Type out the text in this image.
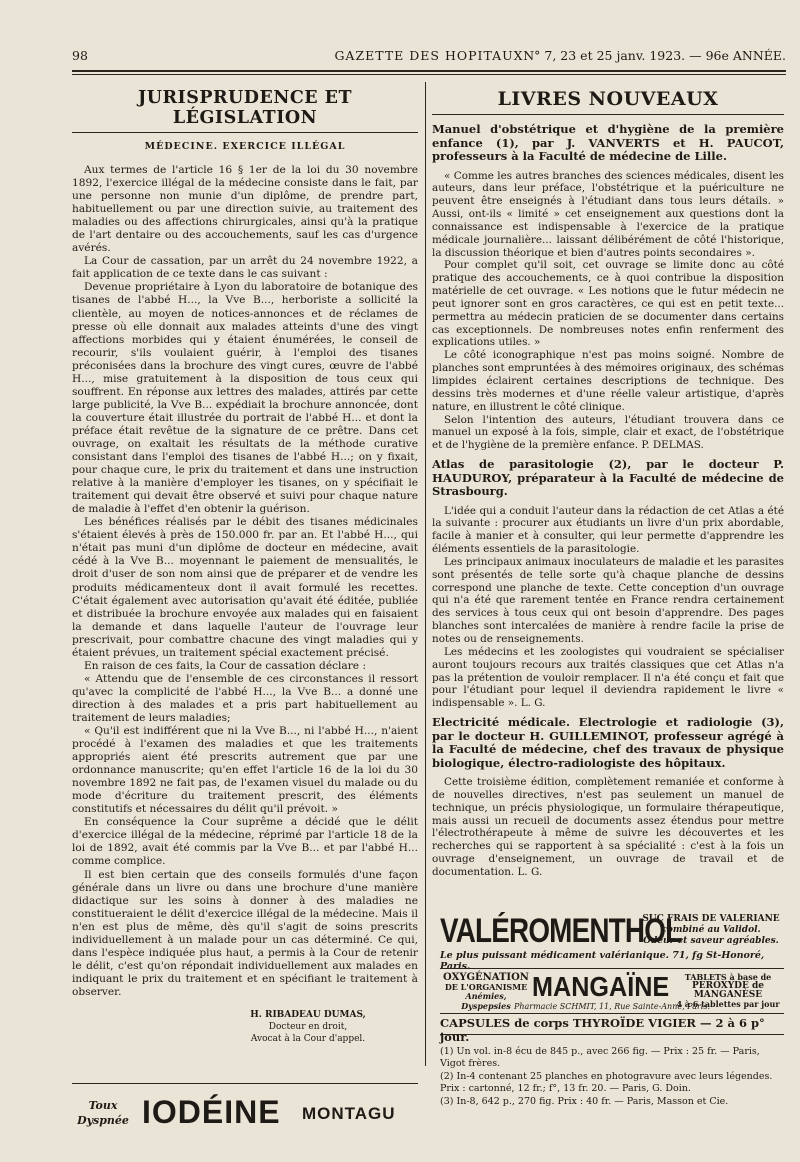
98	GAZETTE DES HOPITAUX N° 7, 23 et 25 janv. 1923. — 96e ANNÉE.
JURISPRUDENCE ET LÉGISLATION
MÉDECINE. EXERCICE ILLÉGAL

Aux termes de l'article 16 § 1er de la loi du 30 novembre 1892, l'exercice illégal de la médecine consiste dans le fait, par une personne non munie d'un diplôme, de prendre part, habituellement ou par une direction suivie, au traitement des maladies ou des affections chirurgicales, ainsi qu'à la pratique de l'art dentaire ou des accouchements, sauf les cas d'urgence avérés.

La Cour de cassation, par un arrêt du 24 novembre 1922, a fait application de ce texte dans le cas suivant :

Devenue propriétaire à Lyon du laboratoire de botanique des tisanes de l'abbé H..., la Vve B..., herboriste a sollicité la clientèle, au moyen de notices-annonces et de réclames de presse où elle donnait aux malades atteints d'une des vingt affections morbides qui y étaient énumérées, le conseil de recourir, s'ils voulaient guérir, à l'emploi des tisanes préconisées dans la brochure des vingt cures, œuvre de l'abbé H..., mise gratuitement à la disposition de tous ceux qui souffrent. En réponse aux lettres des malades, attirés par cette large publicité, la Vve B... expédiait la brochure annoncée, dont la couverture était illustrée du portrait de l'abbé H... et dont la préface était revêtue de la signature de ce prêtre. Dans cet ouvrage, on exaltait les résultats de la méthode curative consistant dans l'emploi des tisanes de l'abbé H...; on y fixait, pour chaque cure, le prix du traitement et dans une instruction relative à la manière d'employer les tisanes, on y spécifiait le traitement qui devait être observé et suivi pour chaque nature de maladie à l'effet d'en obtenir la guérison.

Les bénéfices réalisés par le débit des tisanes médicinales s'étaient élevés à près de 150.000 fr. par an. Et l'abbé H..., qui n'était pas muni d'un diplôme de docteur en médecine, avait cédé à la Vve B... moyennant le paiement de mensualités, le droit d'user de son nom ainsi que de préparer et de vendre les produits médicamenteux dont il avait formulé les recettes. C'était également avec autorisation qu'avait été éditée, publiée et distribuée la brochure envoyée aux malades qui en faisaient la demande et dans laquelle l'auteur de l'ouvrage leur prescrivait, pour combattre chacune des vingt maladies qui y étaient prévues, un traitement spécial exactement précisé.

En raison de ces faits, la Cour de cassation déclare :

« Attendu que de l'ensemble de ces circonstances il ressort qu'avec la complicité de l'abbé H..., la Vve B... a donné une direction à des malades et a pris part habituellement au traitement de leurs maladies;

« Qu'il est indifférent que ni la Vve B..., ni l'abbé H..., n'aient procédé à l'examen des maladies et que les traitements appropriés aient été prescrits autrement que par une ordonnance manuscrite; qu'en effet l'article 16 de la loi du 30 novembre 1892 ne fait pas, de l'examen visuel du malade ou du mode d'écriture du traitement prescrit, des éléments constitutifs et nécessaires du délit qu'il prévoit. »

En conséquence la Cour suprême a décidé que le délit d'exercice illégal de la médecine, réprimé par l'article 18 de la loi de 1892, avait été commis par la Vve B... et par l'abbé H... comme complice.

Il est bien certain que des conseils formulés d'une façon générale dans un livre ou dans une brochure d'une manière didactique sur les soins à donner à des maladies ne constitueraient le délit d'exercice illégal de la médecine. Mais il n'en est plus de même, dès qu'il s'agit de soins prescrits individuellement à un malade pour un cas déterminé. Ce qui, dans l'espèce indiquée plus haut, a permis à la Cour de retenir le délit, c'est qu'on répondait individuellement aux malades en indiquant le prix du traitement et en spécifiant le traitement à observer.

H. RIBADEAU DUMAS,
Docteur en droit,
Avocat à la Cour d'appel.
LIVRES NOUVEAUX
Manuel d'obstétrique et d'hygiène de la première enfance (1), par J. VANVERTS et H. PAUCOT, professeurs à la Faculté de médecine de Lille.

« Comme les autres branches des sciences médicales, disent les auteurs, dans leur préface, l'obstétrique et la puériculture ne peuvent être enseignés à l'étudiant dans tous leurs détails. » Aussi, ont-ils « limité » cet enseignement aux questions dont la connaissance est indispensable à l'exercice de la pratique médicale journalière... laissant délibérément de côté l'historique, la discussion théorique et bien d'autres points secondaires ».

Pour complet qu'il soit, cet ouvrage se limite donc au côté pratique des accouchements, ce à quoi contribue la disposition matérielle de cet ouvrage. « Les notions que le futur médecin ne peut ignorer sont en gros caractères, ce qui est en petit texte... permettra au médecin praticien de se documenter dans certains cas exceptionnels. De nombreuses notes enfin renferment des explications utiles. »

Le côté iconographique n'est pas moins soigné. Nombre de planches sont empruntées à des mémoires originaux, des schémas limpides éclairent certaines descriptions de technique. Des dessins très modernes et d'une réelle valeur artistique, d'après nature, en illustrent le côté clinique.

Selon l'intention des auteurs, l'étudiant trouvera dans ce manuel un exposé à la fois, simple, clair et exact, de l'obstétrique et de l'hygiène de la première enfance. P. DELMAS.

Atlas de parasitologie (2), par le docteur P. HAUDUROY, préparateur à la Faculté de médecine de Strasbourg.

L'idée qui a conduit l'auteur dans la rédaction de cet Atlas a été la suivante : procurer aux étudiants un livre d'un prix abordable, facile à manier et à consulter, qui leur permette d'apprendre les éléments essentiels de la parasitologie.

Les principaux animaux inoculateurs de maladie et les parasites sont présentés de telle sorte qu'à chaque planche de dessins correspond une planche de texte. Cette conception d'un ouvrage qui n'a été que rarement tentée en France rendra certainement des services à tous ceux qui ont besoin d'apprendre. Des pages blanches sont intercalées de manière à rendre facile la prise de notes ou de renseignements.

Les médecins et les zoologistes qui voudraient se spécialiser auront toujours recours aux traités classiques que cet Atlas n'a pas la prétention de vouloir remplacer. Il n'a été conçu et fait que pour l'étudiant pour lequel il deviendra rapidement le livre « indispensable ». L. G.

Electricité médicale. Electrologie et radiologie (3), par le docteur H. GUILLEMINOT, professeur agrégé à la Faculté de médecine, chef des travaux de physique biologique, électro-radiologiste des hôpitaux.

Cette troisième édition, complètement remaniée et conforme à de nouvelles directives, n'est pas seulement un manuel de technique, un précis physiologique, un formulaire thérapeutique, mais aussi un recueil de documents assez étendus pour mettre l'électrothérapeute à même de suivre les découvertes et les recherches qui se rapportent à sa spécialité : c'est à la fois un ouvrage d'enseignement, un ouvrage de travail et de documentation. L. G.

VALÉROMENTHOL
SUC FRAIS DE VALERIANE
combiné au Validol.
Odeur et saveur agréables.
Le plus puissant médicament valérianique. 71, fg St-Honoré, Paris.
OXYGÉNATION
DE L'ORGANISME
Anémies, Dyspepsies
MANGAÏNE	TABLETS à base de
PEROXYDE de MANGANÈSE
4 à 6 tablettes par jour
Pharmacie SCHMIT, 11, Rue Sainte-Anne, Paris.
CAPSULES de corps THYROÏDE VIGIER — 2 à 6 p° jour.
(1) Un vol. in-8 écu de 845 p., avec 266 fig. — Prix : 25 fr. — Paris, Vigot frères.
(2) In-4 contenant 25 planches en photogravure avec leurs légendes. Prix : cartonné, 12 fr.; f°, 13 fr. 20. — Paris, G. Doin.
(3) In-8, 642 p., 270 fig. Prix : 40 fr. — Paris, Masson et Cie.
Toux
Dyspnée IODÉINE MONTAGU
